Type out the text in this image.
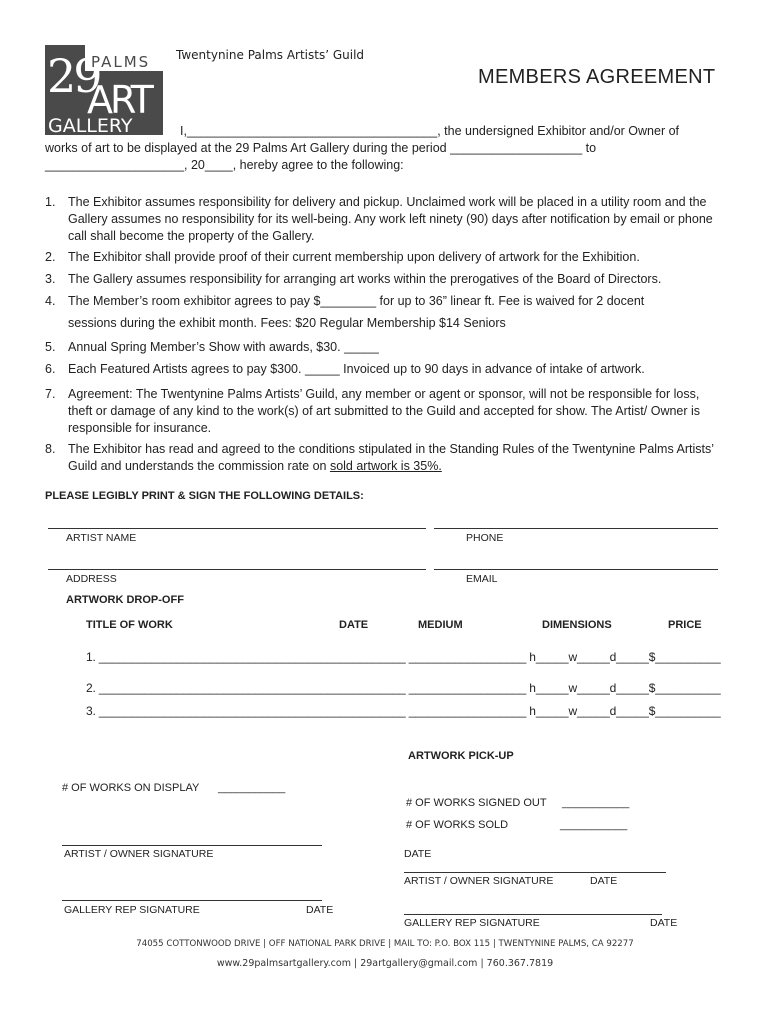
29
PALMS
ART
GALLERY
Twentynine Palms Artists’ Guild
MEMBERS AGREEMENT
I,____________________________________, the undersigned Exhibitor and/or Owner of
works of art to be displayed at the 29 Palms Art Gallery during the period ___________________ to
____________________, 20____, hereby agree to the following:
1. The Exhibitor assumes responsibility for delivery and pickup. Unclaimed work will be placed in a utility room and the Gallery assumes no responsibility for its well-being. Any work left ninety (90) days after notification by email or phone call shall become the property of the Gallery.
2. The Exhibitor shall provide proof of their current membership upon delivery of artwork for the Exhibition.
3. The Gallery assumes responsibility for arranging art works within the prerogatives of the Board of Directors.
4. The Member’s room exhibitor agrees to pay $________ for up to 36” linear ft. Fee is waived for 2 docent
sessions during the exhibit month. Fees: $20 Regular Membership $14 Seniors
5. Annual Spring Member’s Show with awards, $30. _____
6. Each Featured Artists agrees to pay $300. _____ Invoiced up to 90 days in advance of intake of artwork.
7. Agreement: The Twentynine Palms Artists’ Guild, any member or agent or sponsor, will not be responsible for loss, theft or damage of any kind to the work(s) of art submitted to the Guild and accepted for show. The Artist/ Owner is responsible for insurance.
8. The Exhibitor has read and agreed to the conditions stipulated in the Standing Rules of the Twentynine Palms Artists’ Guild and understands the commission rate on sold artwork is 35%.
PLEASE LEGIBLY PRINT & SIGN THE FOLLOWING DETAILS:
ARTIST NAME	PHONE
ADDRESS	EMAIL
ARTWORK DROP-OFF
TITLE OF WORK	DATE	MEDIUM	DIMENSIONS	PRICE
1. _______________________________________________ __________________ h_____w_____d_____$__________
2. _______________________________________________ __________________ h_____w_____d_____$__________
3. _______________________________________________ __________________ h_____w_____d_____$__________
ARTWORK PICK-UP
# OF WORKS ON DISPLAY ___________
# OF WORKS SIGNED OUT ___________
# OF WORKS SOLD	___________
ARTIST / OWNER SIGNATURE	DATE
ARTIST / OWNER SIGNATURE	DATE
GALLERY REP SIGNATURE	DATE
GALLERY REP SIGNATURE	DATE
74055 COTTONWOOD DRIVE | OFF NATIONAL PARK DRIVE | MAIL TO: P.O. BOX 115 | TWENTYNINE PALMS, CA 92277
www.29palmsartgallery.com | 29artgallery@gmail.com | 760.367.7819
